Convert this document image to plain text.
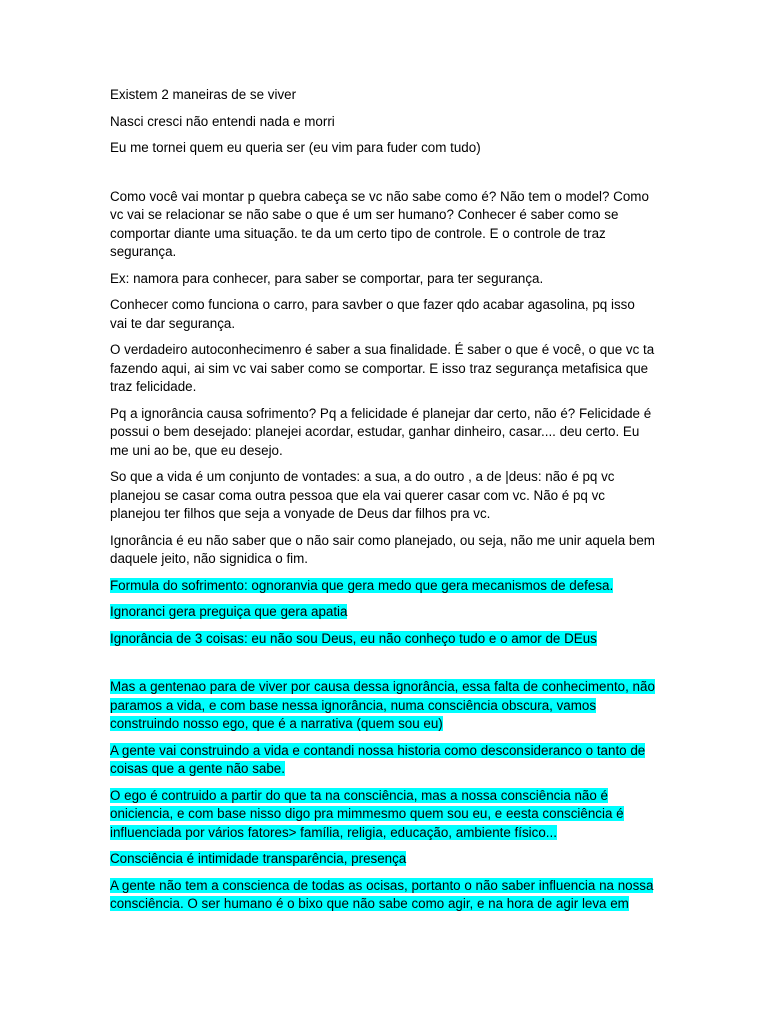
Existem 2 maneiras de se viver

Nasci cresci não entendi nada e morri

Eu me tornei quem eu queria ser (eu vim para fuder com tudo)

Como você vai montar p quebra cabeça se vc não sabe como é? Não tem o model? Como vc vai se relacionar se não sabe o que é um ser humano? Conhecer é saber como se comportar diante uma situação. te da um certo tipo de controle. E o controle de traz segurança.

Ex: namora para conhecer, para saber se comportar, para ter segurança.

Conhecer como funciona o carro, para savber o que fazer qdo acabar agasolina, pq isso vai te dar segurança.

O verdadeiro autoconhecimenro é saber a sua finalidade. É saber o que é você, o que vc ta fazendo aqui, ai sim vc vai saber como se comportar. E isso traz segurança metafisica que traz felicidade.

Pq a ignorância causa sofrimento? Pq a felicidade é planejar dar certo, não é? Felicidade é possui o bem desejado: planejei acordar, estudar, ganhar dinheiro, casar.... deu certo. Eu me uni ao be, que eu desejo.

So que a vida é um conjunto de vontades: a sua, a do outro , a de |deus: não é pq vc planejou se casar coma outra pessoa que ela vai querer casar com vc. Não é pq vc planejou ter filhos que seja a vonyade de Deus dar filhos pra vc.

Ignorância é eu não saber que o não sair como planejado, ou seja, não me unir aquela bem daquele jeito, não signidica o fim.

Formula do sofrimento: ognoranvia que gera medo que gera mecanismos de defesa.

Ignoranci gera preguiça que gera apatia

Ignorância de 3 coisas: eu não sou Deus, eu não conheço tudo e o amor de DEus

Mas a gentenao para de viver por causa dessa ignorância, essa falta de conhecimento, não paramos a vida, e com base nessa ignorância, numa consciência obscura, vamos construindo nosso ego, que é a narrativa (quem sou eu)

A gente vai construindo a vida e contandi nossa historia como desconsideranco o tanto de coisas que a gente não sabe.

O ego é contruido a partir do que ta na consciência, mas a nossa consciência não é oniciencia, e com base nisso digo pra mimmesmo quem sou eu, e eesta consciência é influenciada por vários fatores> família, religia, educação, ambiente físico...

Consciência é intimidade transparência, presença

A gente não tem a conscienca de todas as ocisas, portanto o não saber influencia na nossa consciência. O ser humano é o bixo que não sabe como agir, e na hora de agir leva em
